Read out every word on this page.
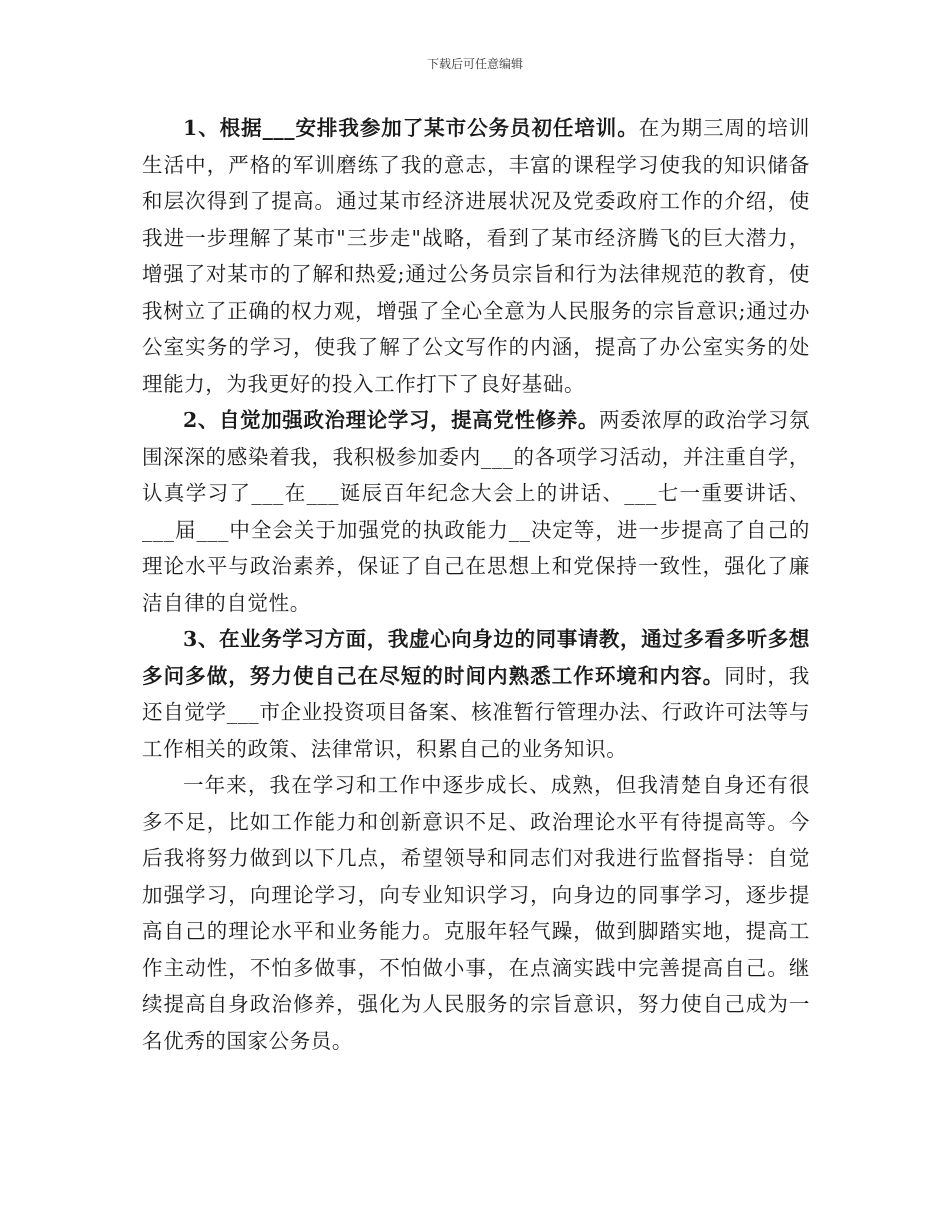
下载后可任意编辑

1、根据___安排我参加了某市公务员初任培训。在为期三周的培训生活中，严格的军训磨练了我的意志，丰富的课程学习使我的知识储备和层次得到了提高。通过某市经济进展状况及党委政府工作的介绍，使我进一步理解了某市"三步走"战略，看到了某市经济腾飞的巨大潜力，增强了对某市的了解和热爱;通过公务员宗旨和行为法律规范的教育，使我树立了正确的权力观，增强了全心全意为人民服务的宗旨意识;通过办公室实务的学习，使我了解了公文写作的内涵，提高了办公室实务的处理能力，为我更好的投入工作打下了良好基础。

2、自觉加强政治理论学习，提高党性修养。两委浓厚的政治学习氛围深深的感染着我，我积极参加委内___的各项学习活动，并注重自学，认真学习了___在___诞辰百年纪念大会上的讲话、___七一重要讲话、___届___中全会关于加强党的执政能力__决定等，进一步提高了自己的理论水平与政治素养，保证了自己在思想上和党保持一致性，强化了廉洁自律的自觉性。

3、在业务学习方面，我虚心向身边的同事请教，通过多看多听多想多问多做，努力使自己在尽短的时间内熟悉工作环境和内容。同时，我还自觉学___市企业投资项目备案、核准暂行管理办法、行政许可法等与工作相关的政策、法律常识，积累自己的业务知识。

一年来，我在学习和工作中逐步成长、成熟，但我清楚自身还有很多不足，比如工作能力和创新意识不足、政治理论水平有待提高等。今后我将努力做到以下几点，希望领导和同志们对我进行监督指导：自觉加强学习，向理论学习，向专业知识学习，向身边的同事学习，逐步提高自己的理论水平和业务能力。克服年轻气躁，做到脚踏实地，提高工作主动性，不怕多做事，不怕做小事，在点滴实践中完善提高自己。继续提高自身政治修养，强化为人民服务的宗旨意识，努力使自己成为一名优秀的国家公务员。
